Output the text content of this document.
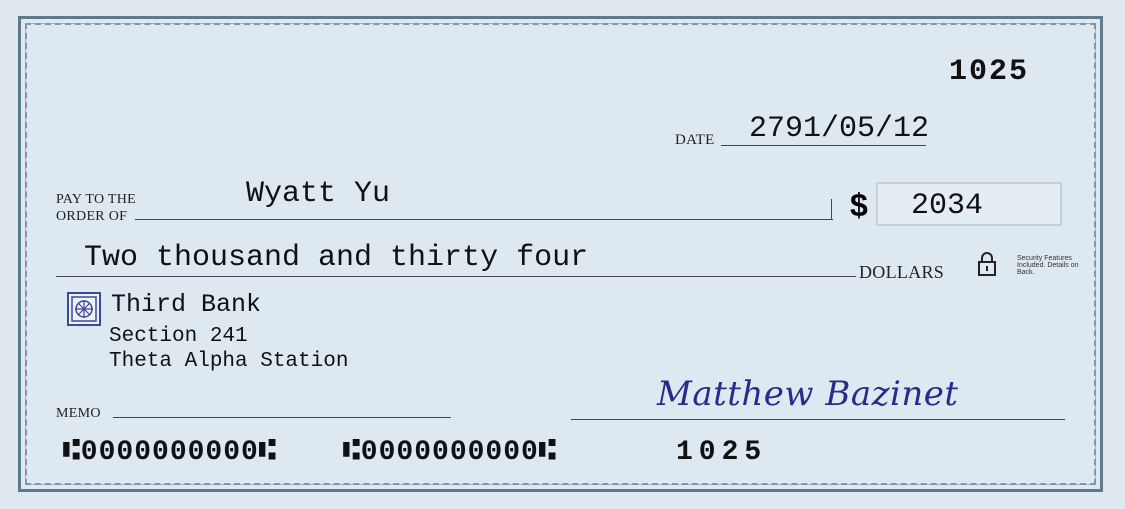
1025
DATE 2791/05/12
PAY TO THE
ORDER OF
Wyatt Yu	$ 2034
Two thousand and thirty four	DOLLARS
Security Features Included. Details on Back.
Third Bank
Section 241
Theta Alpha Station
MEMO	Matthew Bazinet
⑆0000000000⑆ ⑆0000000000⑆	1025
